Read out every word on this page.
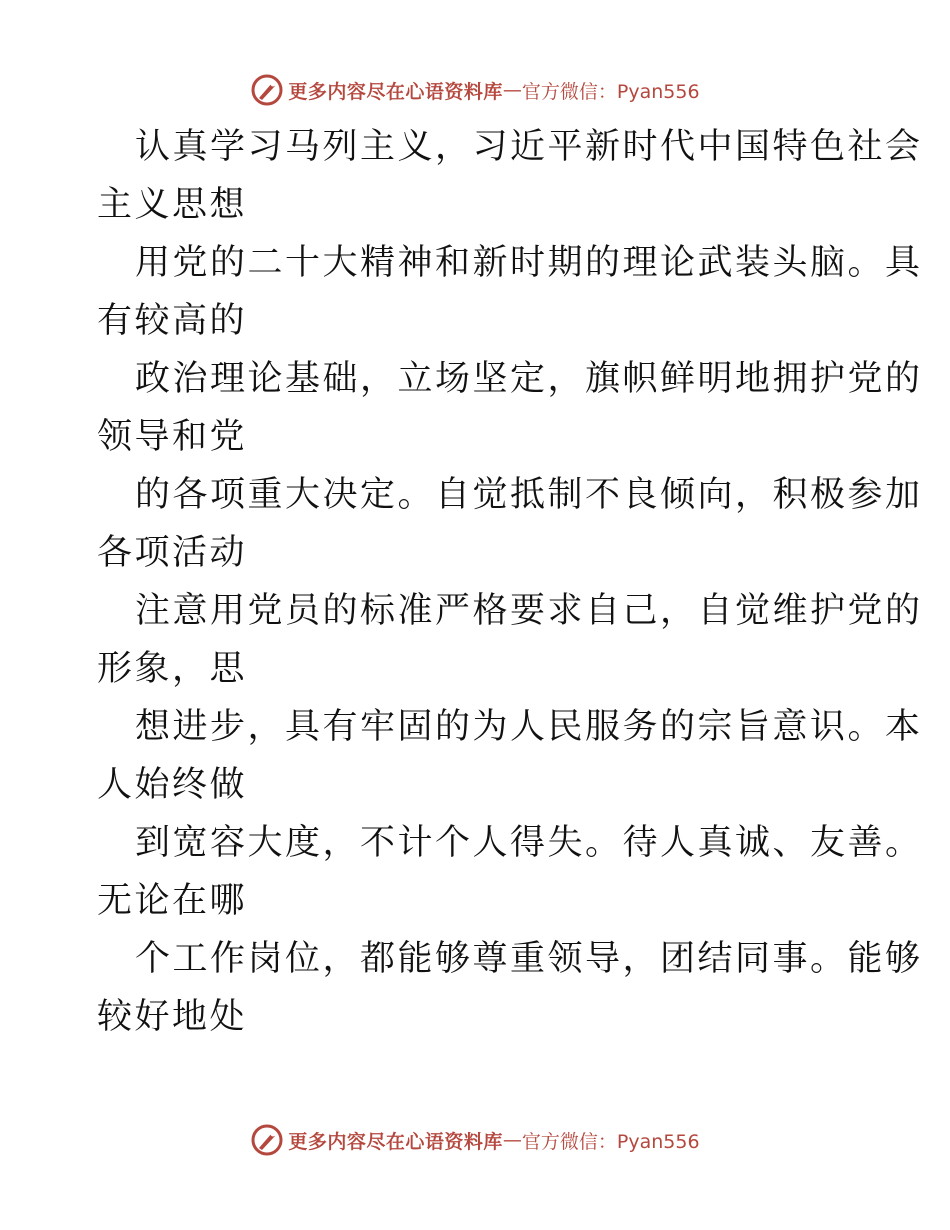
更多内容尽在心语资料库 — 官方微信：Pyan556

认真学习马列主义，习近平新时代中国特色社会
主义思想

用党的二十大精神和新时期的理论武装头脑。具
有较高的

政治理论基础，立场坚定，旗帜鲜明地拥护党的
领导和党

的各项重大决定。自觉抵制不良倾向，积极参加
各项活动

注意用党员的标准严格要求自己，自觉维护党的
形象，思

想进步，具有牢固的为人民服务的宗旨意识。本
人始终做

到宽容大度，不计个人得失。待人真诚、友善。
无论在哪

个工作岗位，都能够尊重领导，团结同事。能够
较好地处

更多内容尽在心语资料库 — 官方微信：Pyan556
